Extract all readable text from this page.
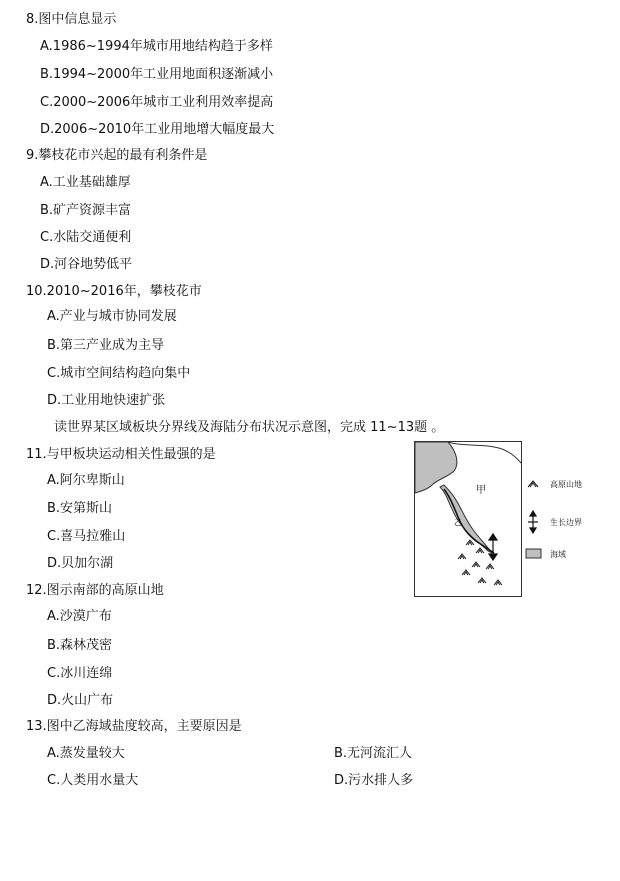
8.图中信息显示
A.1986~1994年城市用地结构趋于多样
B.1994~2000年工业用地面积逐渐减小
C.2000~2006年城市工业利用效率提高
D.2006~2010年工业用地增大幅度最大
9.攀枝花市兴起的最有利条件是
A.工业基础雄厚
B.矿产资源丰富
C.水陆交通便利
D.河谷地势低平
10.2010~2016年，攀枝花市
A.产业与城市协同发展
B.第三产业成为主导
C.城市空间结构趋向集中
D.工业用地快速扩张
读世界某区域板块分界线及海陆分布状况示意图，完成 11~13题 。
11.与甲板块运动相关性最强的是
A.阿尔卑斯山
B.安第斯山
C.喜马拉雅山
D.贝加尔湖
12.图示南部的高原山地
A.沙漠广布
B.森林茂密
C.冰川连绵
D.火山广布
13.图中乙海域盐度较高，主要原因是
A.蒸发量较大	B.无河流汇人
C.人类用水量大	D.污水排人多
甲
乙
高原山地
生长边界
海域
